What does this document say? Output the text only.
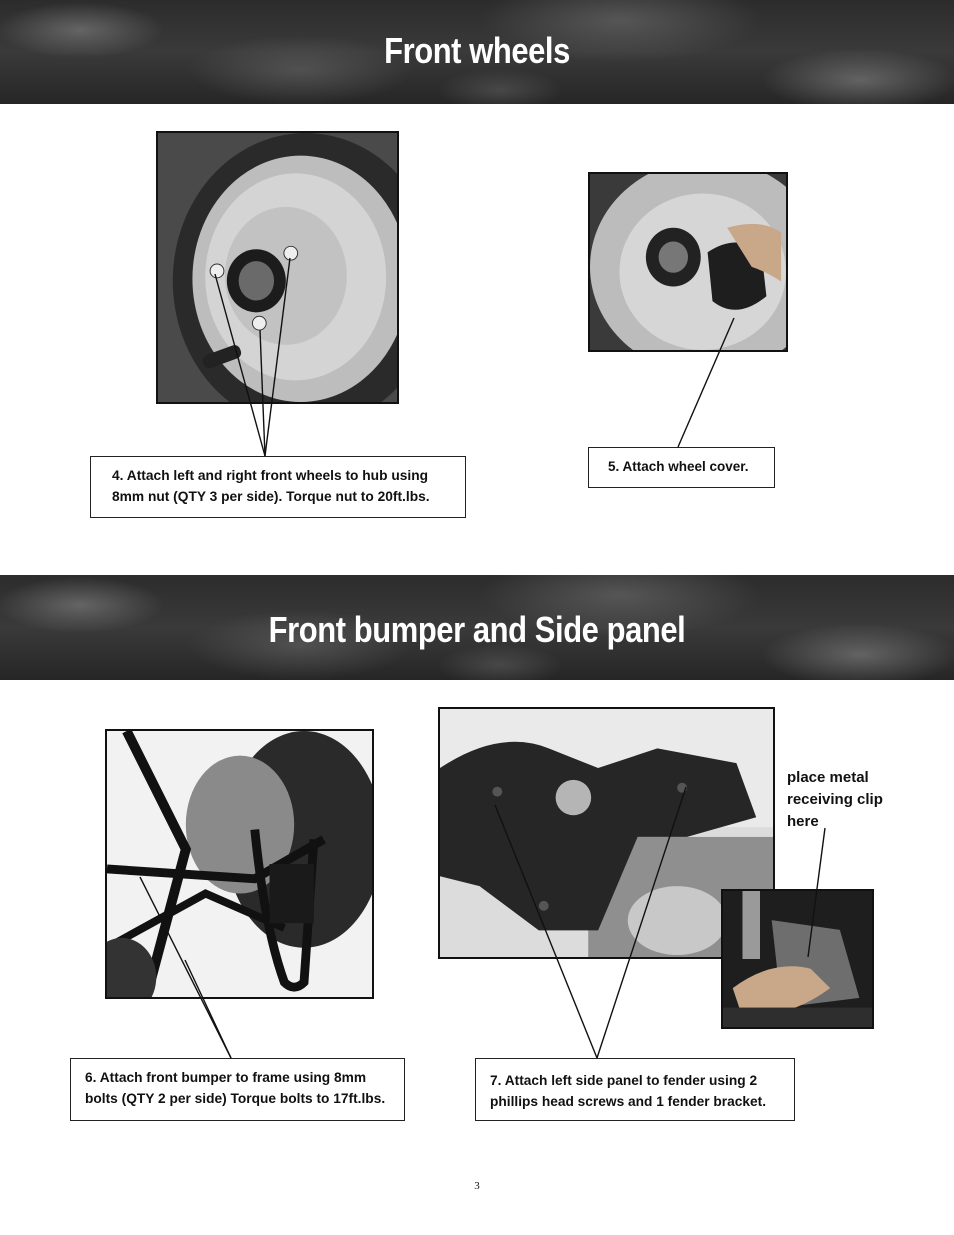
Front wheels
4. Attach left and right front wheels to hub using
8mm nut (QTY 3 per side). Torque nut to 20ft.lbs.
5. Attach wheel cover.
Front bumper and Side panel
place metal
receiving clip
here
6. Attach front bumper to frame using 8mm
bolts (QTY 2 per side) Torque bolts to 17ft.lbs.
7. Attach left side panel to fender using 2
phillips head screws and 1 fender bracket.
3
